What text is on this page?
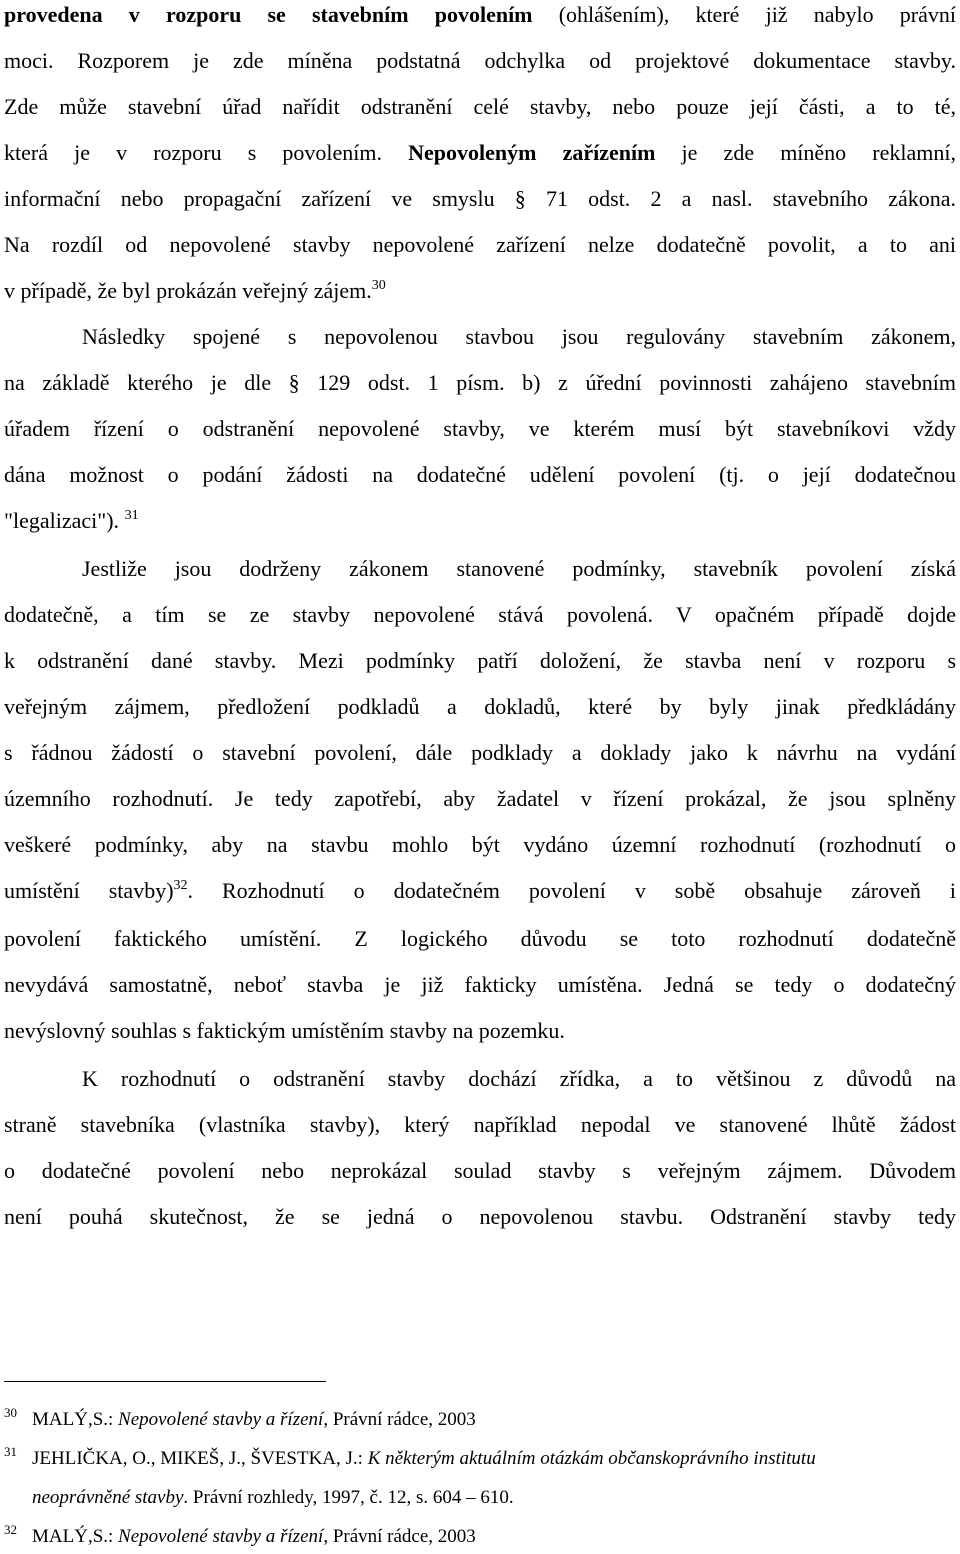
provedena v rozporu se stavebním povolením (ohlášením), které již nabylo právní
moci. Rozporem je zde míněna podstatná odchylka od projektové dokumentace stavby.
Zde může stavební úřad nařídit odstranění celé stavby, nebo pouze její části, a to té,
která je v rozporu s povolením. Nepovoleným zařízením je zde míněno reklamní,
informační nebo propagační zařízení ve smyslu § 71 odst. 2 a nasl. stavebního zákona.
Na rozdíl od nepovolené stavby nepovolené zařízení nelze dodatečně povolit, a to ani
v případě, že byl prokázán veřejný zájem.$^{30}$
Následky spojené s nepovolenou stavbou jsou regulovány stavebním zákonem,
na základě kterého je dle § 129 odst. 1 písm. b) z úřední povinnosti zahájeno stavebním
úřadem řízení o odstranění nepovolené stavby, ve kterém musí být stavebníkovi vždy
dána možnost o podání žádosti na dodatečné udělení povolení (tj. o její dodatečnou
"legalizaci"). $^{31}$
Jestliže jsou dodrženy zákonem stanovené podmínky, stavebník povolení získá
dodatečně, a tím se ze stavby nepovolené stává povolená. V opačném případě dojde
k odstranění dané stavby. Mezi podmínky patří doložení, že stavba není v rozporu s
veřejným zájmem, předložení podkladů a dokladů, které by byly jinak předkládány
s řádnou žádostí o stavební povolení, dále podklady a doklady jako k návrhu na vydání
územního rozhodnutí. Je tedy zapotřebí, aby žadatel v řízení prokázal, že jsou splněny
veškeré podmínky, aby na stavbu mohlo být vydáno územní rozhodnutí (rozhodnutí o
umístění stavby)$^{32}$. Rozhodnutí o dodatečném povolení v sobě obsahuje zároveň i
povolení faktického umístění. Z logického důvodu se toto rozhodnutí dodatečně
nevydává samostatně, neboť stavba je již fakticky umístěna. Jedná se tedy o dodatečný
nevýslovný souhlas s faktickým umístěním stavby na pozemku.
K rozhodnutí o odstranění stavby dochází zřídka, a to většinou z důvodů na
straně stavebníka (vlastníka stavby), který například nepodal ve stanovené lhůtě žádost
o dodatečné povolení nebo neprokázal soulad stavby s veřejným zájmem. Důvodem
není pouhá skutečnost, že se jedná o nepovolenou stavbu. Odstranění stavby tedy
$^{30}$ MALÝ,S.: Nepovolené stavby a řízení, Právní rádce, 2003
$^{31}$ JEHLIČKA, O., MIKEŠ, J., ŠVESTKA, J.: K některým aktuálním otázkám občanskoprávního institutu
neoprávněné stavby. Právní rozhledy, 1997, č. 12, s. 604 – 610.
$^{32}$ MALÝ,S.: Nepovolené stavby a řízení, Právní rádce, 2003
